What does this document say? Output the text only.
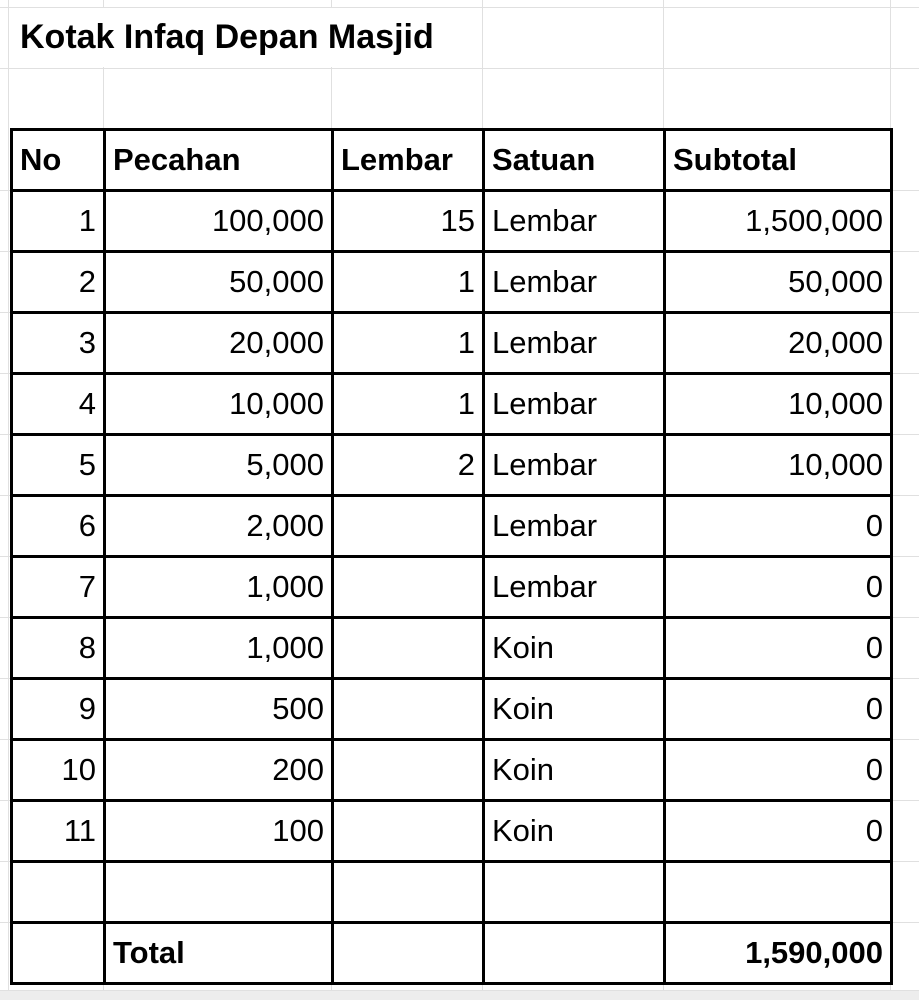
Kotak Infaq Depan Masjid
No	Pecahan	Lembar	Satuan	Subtotal
1	100,000	15	Lembar	1,500,000
2	50,000	1	Lembar	50,000
3	20,000	1	Lembar	20,000
4	10,000	1	Lembar	10,000
5	5,000	2	Lembar	10,000
6	2,000		Lembar	0
7	1,000		Lembar	0
8	1,000		Koin	0
9	500		Koin	0
10	200		Koin	0
11	100		Koin	0

	Total			1,590,000
